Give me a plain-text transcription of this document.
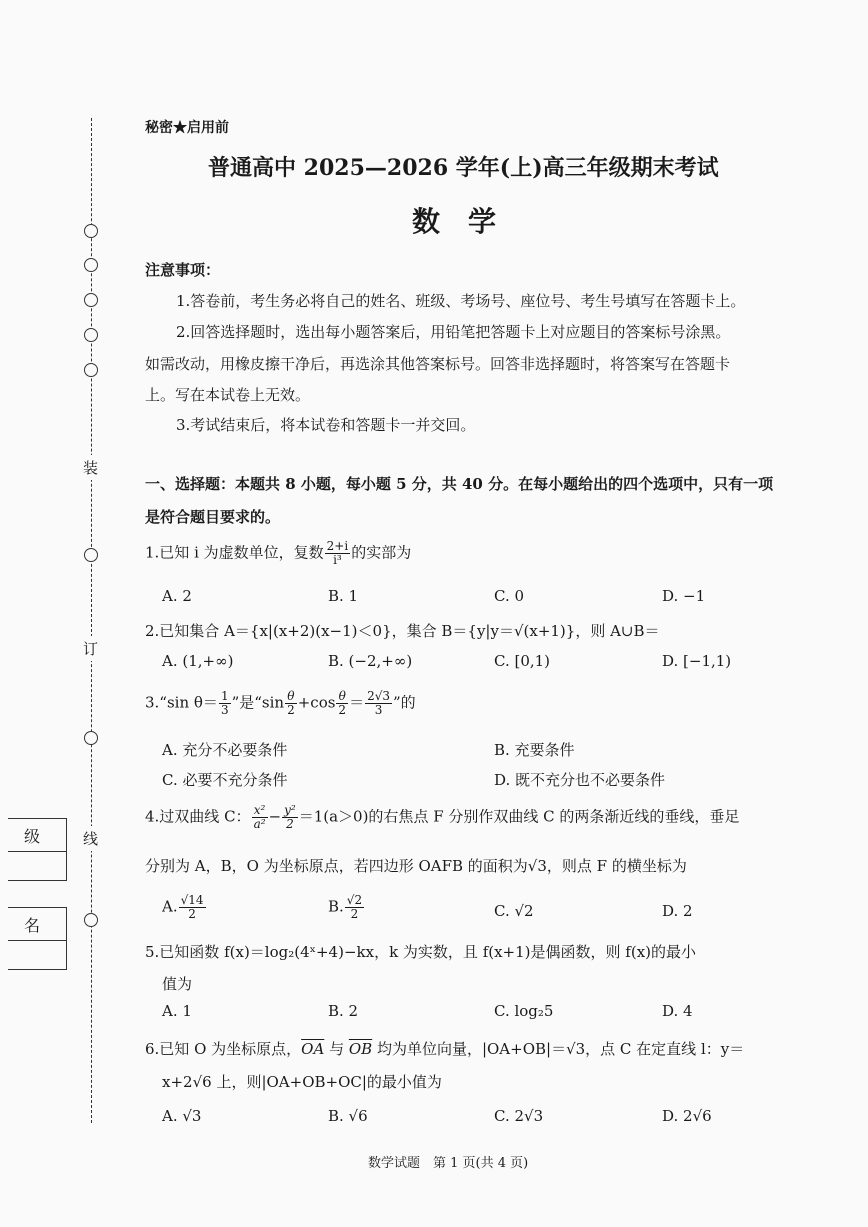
装
订
线
级
名
秘密★启用前
普通高中 2025—2026 学年(上)高三年级期末考试
数　学
注意事项：
1.答卷前，考生务必将自己的姓名、班级、考场号、座位号、考生号填写在答题卡上。
2.回答选择题时，选出每小题答案后，用铅笔把答题卡上对应题目的答案标号涂黑。
如需改动，用橡皮擦干净后，再选涂其他答案标号。回答非选择题时，将答案写在答题卡
上。写在本试卷上无效。
3.考试结束后，将本试卷和答题卡一并交回。
一、选择题：本题共 8 小题，每小题 5 分，共 40 分。在每小题给出的四个选项中，只有一项
是符合题目要求的。
1.已知 i 为虚数单位，复数 $\frac{2+i}{\text{i³}}$ 的实部为
A. 2	B. 1	C. 0	D. −1
2.已知集合 A＝{x|(x+2)(x−1)＜0}，集合 B＝{y|y＝√(x+1)}，则 A∪B＝
A. (1,+∞)	B. (−2,+∞)	C. [0,1)	D. [−1,1)
3.“sin $\theta= \frac{1}{3}$ ”是“$\sin \frac{\theta}{2} +\cos \frac{\theta}{2} = \frac{2√3}{3}$ ”的
A. 充分不必要条件	B. 充要条件
C. 必要不充分条件	D. 既不充分也不必要条件
4.过双曲线 C： $\frac{\text{x²}}{\text{a²}} - \frac{\text{y²}}{2} =1(a>0)$的右焦点 F 分别作双曲线 C 的两条渐近线的垂线，垂足
分别为 A，B，O 为坐标原点，若四边形 OAFB 的面积为√3，则点 F 的横坐标为
A. $\frac{√14}{2}$	B. $\frac{√2}{2}$	C. √2	D. 2
5.已知函数 f(x)＝log₂(4ˣ+4)−kx，k 为实数，且 f(x+1)是偶函数，则 f(x)的最小
值为
A. 1	B. 2	C. log₂5	D. 4
6.已知 O 为坐标原点，$\overline{OA}$ 与 $\overline{OB}$ 均为单位向量，|OA+OB|＝√3，点 C 在定直线 l：y＝
x+2√6 上，则|OA+OB+OC|的最小值为
A. √3	B. √6	C. 2√3	D. 2√6
数学试题　第 1 页(共 4 页)
